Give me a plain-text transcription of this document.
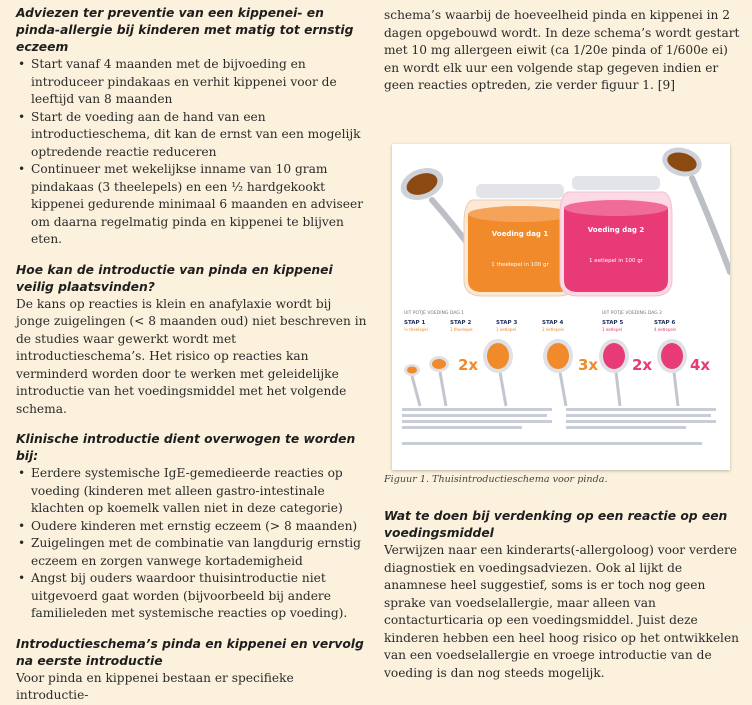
Adviezen ter preventie van een kippenei- en pinda-allergie bij kinderen met matig tot ernstig eczeem
• Start vanaf 4 maanden met de bijvoeding en introduceer pindakaas en verhit kippenei voor de leeftijd van 8 maanden
• Start de voeding aan de hand van een introductieschema, dit kan de ernst van een mogelijk optredende reactie reduceren
• Continueer met wekelijkse inname van 10 gram pindakaas (3 theelepels) en een ½ hardgekookt kippenei gedurende minimaal 6 maanden en adviseer om daarna regelmatig pinda en kippenei te blijven eten.
Hoe kan de introductie van pinda en kippenei veilig plaatsvinden?
De kans op reacties is klein en anafylaxie wordt bij jonge zuigelingen (< 8 maanden oud) niet beschreven in de studies waar gewerkt wordt met introductieschema’s. Het risico op reacties kan verminderd worden door te werken met geleidelijke introductie van het voedingsmiddel met het volgende schema.
Klinische introductie dient overwogen te worden bij:
• Eerdere systemische IgE-gemedieerde reacties op voeding (kinderen met alleen gastro-intestinale klachten op koemelk vallen niet in deze categorie)
• Oudere kinderen met ernstig eczeem (> 8 maanden)
• Zuigelingen met de combinatie van langdurig ernstig eczeem en zorgen vanwege kortademigheid
• Angst bij ouders waardoor thuisintroductie niet uitgevoerd gaat worden (bijvoorbeeld bij andere familieleden met systemische reacties op voeding).
Introductieschema’s pinda en kippenei en vervolg na eerste introductie
Voor pinda en kippenei bestaan er specifieke introductie-
schema’s waarbij de hoeveelheid pinda en kippenei in 2 dagen opgebouwd wordt. In deze schema’s wordt gestart met 10 mg allergeen eiwit (ca 1/20e pinda of 1/600e ei) en wordt elk uur een volgende stap gegeven indien er geen reacties optreden, zie verder figuur 1. [9]
Voeding dag 1
1 theelepel in 100 gr
Voeding dag 2
1 eetlepel in 100 gr
UIT POTJE VOEDING DAG 1	UIT POTJE VOEDING DAG 2
STAP 1
½ theelepel
STAP 2
1 theelepel
STAP 3
1 eetlepel
STAP 4
2 eetlepels
STAP 5
1 eetlepel
STAP 6
4 eetlepels
2x	3x 2x	4x
Figuur 1. Thuisintroductieschema voor pinda.
Wat te doen bij verdenking op een reactie op een voedingsmiddel
Verwijzen naar een kinderarts(-allergoloog) voor verdere diagnostiek en voedingsadviezen. Ook al lijkt de anamnese heel suggestief, soms is er toch nog geen sprake van voedselallergie, maar alleen van contacturticaria op een voedingsmiddel. Juist deze kinderen hebben een heel hoog risico op het ontwikkelen van een voedselallergie en vroege introductie van de voeding is dan nog steeds mogelijk.
